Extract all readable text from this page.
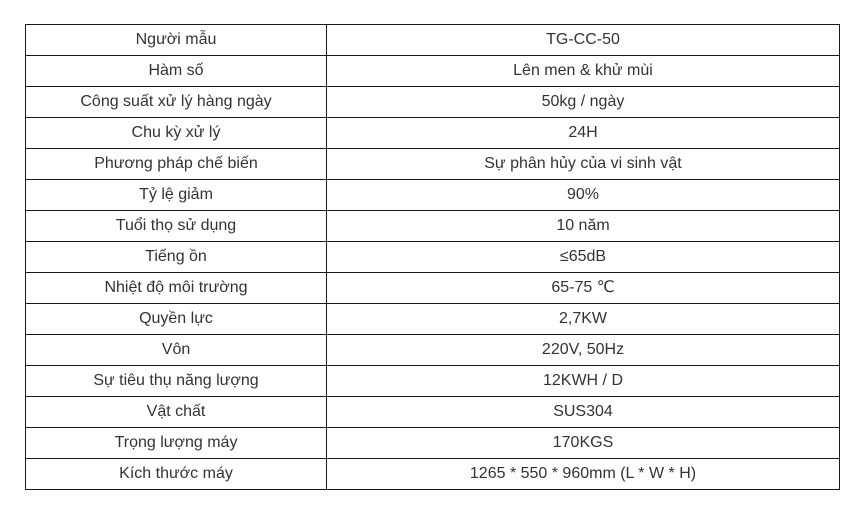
Người mẫu	TG-CC-50
Hàm số	Lên men & khử mùi
Công suất xử lý hàng ngày	50kg / ngày
Chu kỳ xử lý	24H
Phương pháp chế biến	Sự phân hủy của vi sinh vật
Tỷ lệ giảm	90%
Tuổi thọ sử dụng	10 năm
Tiếng ồn	≤65dB
Nhiệt độ môi trường	65-75 ℃
Quyền lực	2,7KW
Vôn	220V, 50Hz
Sự tiêu thụ năng lượng	12KWH / D
Vật chất	SUS304
Trọng lượng máy	170KGS
Kích thước máy	1265 * 550 * 960mm (L * W * H)
